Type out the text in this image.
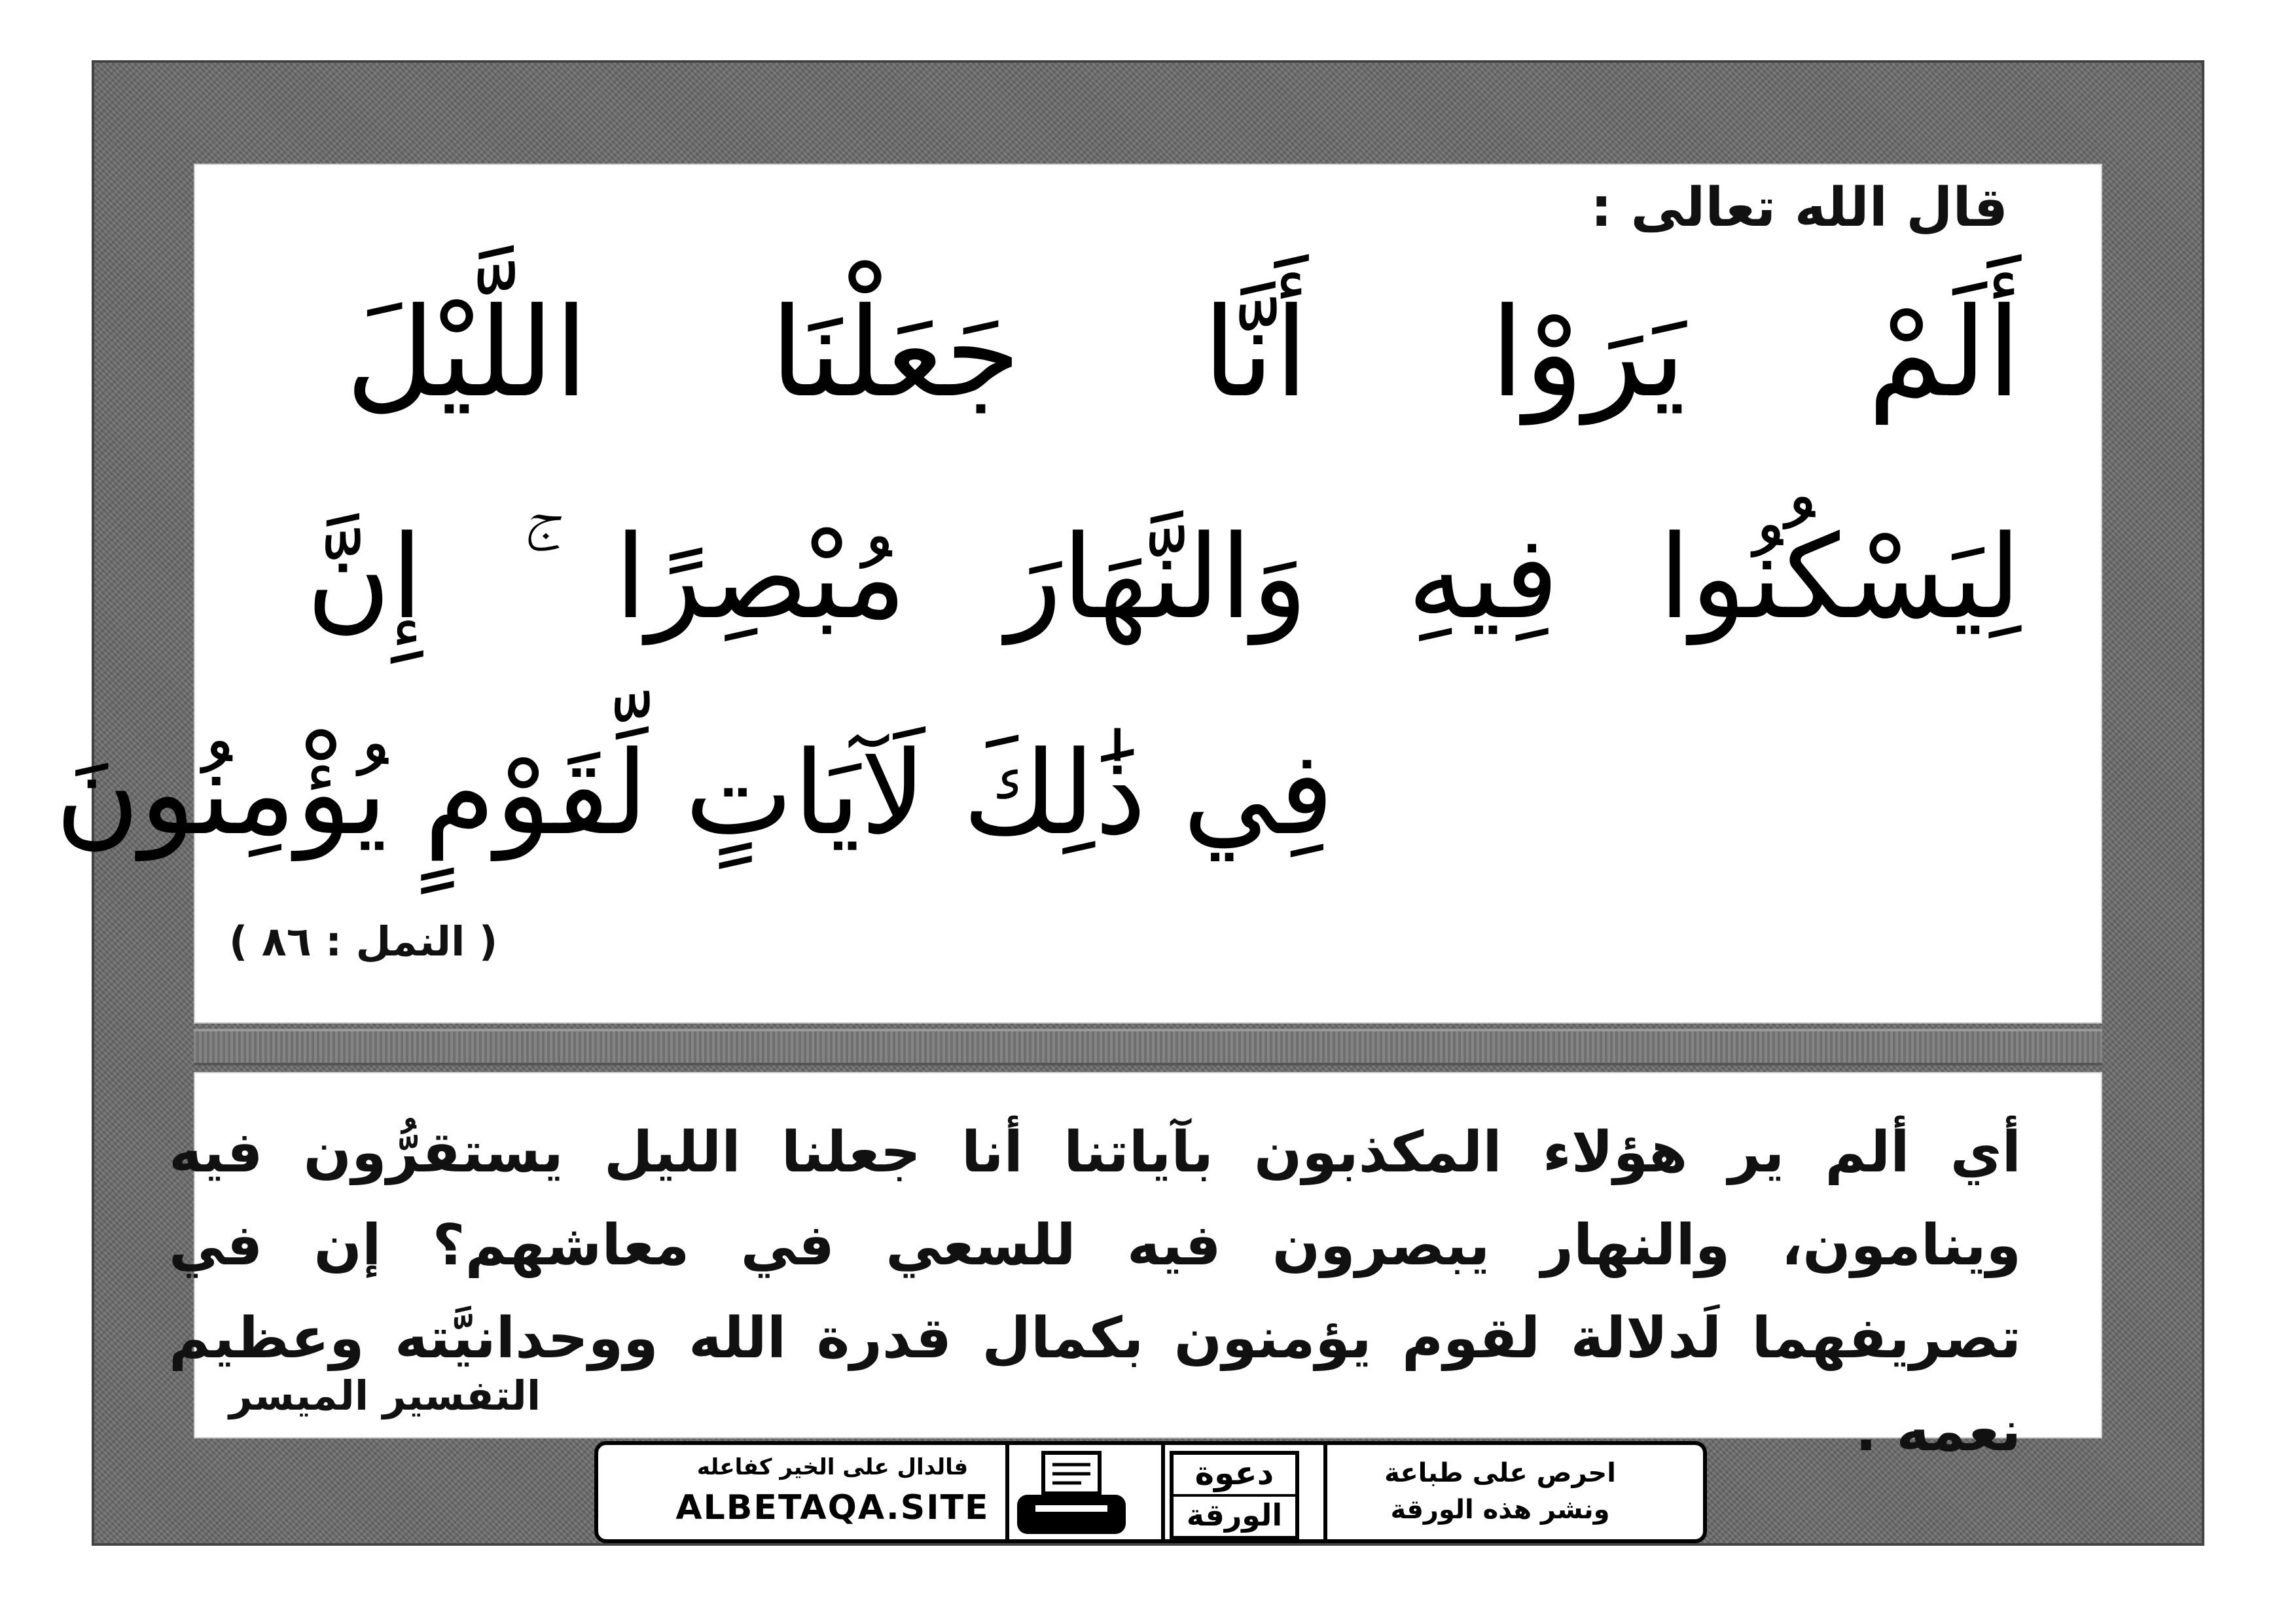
قال الله تعالى :
أَلَمْ يَرَوْا أَنَّا جَعَلْنَا اللَّيْلَ
لِيَسْكُنُوا فِيهِ وَالنَّهَارَ مُبْصِرًا ۚ إِنَّ
فِي ذَٰلِكَ لَآيَاتٍ لِّقَوْمٍ يُؤْمِنُونَ
( النمل : ٨٦ )
أي ألم ير هؤلاء المكذبون بآياتنا أنا جعلنا الليل يستقرُّون فيه وينامون، والنهار يبصرون فيه للسعي في معاشهم؟ إن في تصريفهما لَدلالة لقوم يؤمنون بكمال قدرة الله ووحدانيَّته وعظيم نعمه .
التفسير الميسر
فالدال على الخير كفاعله
ALBETAQA.SITE
دعوة
الورقة
احرص على طباعة
ونشر هذه الورقة
